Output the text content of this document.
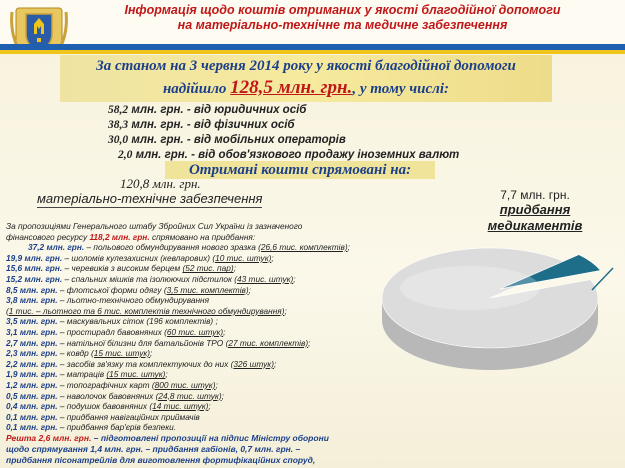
Інформація щодо коштів отриманих у якості благодійної допомоги
на матеріально-технічне та медичне забезпечення
За станом на 3 червня 2014 року у якості благодійної допомоги
надійшло 128,5 млн. грн., у тому числі:
58,2 млн. грн. - від юридичних осіб
38,3 млн. грн. - від фізичних осіб
30,0 млн. грн. - від мобільних операторів
2,0 млн. грн. - від обов'язкового продажу іноземних валют
Отримані кошти спрямовані на:
120,8 млн. грн.
матеріально-технічне забезпечення	7,7 млн. грн.
придбання
медикаментів
За пропозиціями Генерального штабу Збройних Сил України із зазначеного фінансового ресурсу 118,2 млн. грн. спрямовано на придбання:
37,2 млн. грн. – польового обмундирування нового зразка (26,6 тис. комплектів);
19,9 млн. грн. – шоломів кулезахисних (кевларових) (10 тис. штук);
15,6 млн. грн. – черевиків з високим берцем (52 тис. пар);
15,2 млн. грн. – спальних мішків та ізолюючих підстилок (43 тис. штук);
8,5 млн. грн. – флотської форми одягу (3,5 тис. комплектів);
3,8 млн. грн. – льотно-технічного обмундирування
(1 тис. – льотного та 6 тис. комплектів технічного обмундирування);
3,5 млн. грн. – маскувальних сіток (196 комплектів) ;
3,1 млн. грн. – простирадл бавовняних (60 тис. штук);
2,7 млн. грн. – натільної білизни для батальйонів ТРО (27 тис. комплектів);
2,3 млн. грн. – ковдр (15 тис. штук);
2,2 млн. грн. – засобів зв'язку та комплектуючих до них (326 штук);
1,9 млн. грн. – матраців (15 тис. штук);
1,2 млн. грн. – топографічних карт (800 тис. штук);
0,5 млн. грн. – наволочок бавовняних (24,8 тис. штук);
0,4 млн. грн. – подушок бавовняних (14 тис. штук);
0,1 млн. грн. – придбання навігаційних приймачів
0,1 млн. грн. – придбання бар'єрів безпеки.
Решта 2,6 млн. грн. – підготовлені пропозиції на підпис Міністру оборони щодо спрямування 1,4 млн. грн. – придбання габіонів, 0,7 млн. грн. – придбання пісонатрейлів для виготовлення фортифікаційних споруд,
